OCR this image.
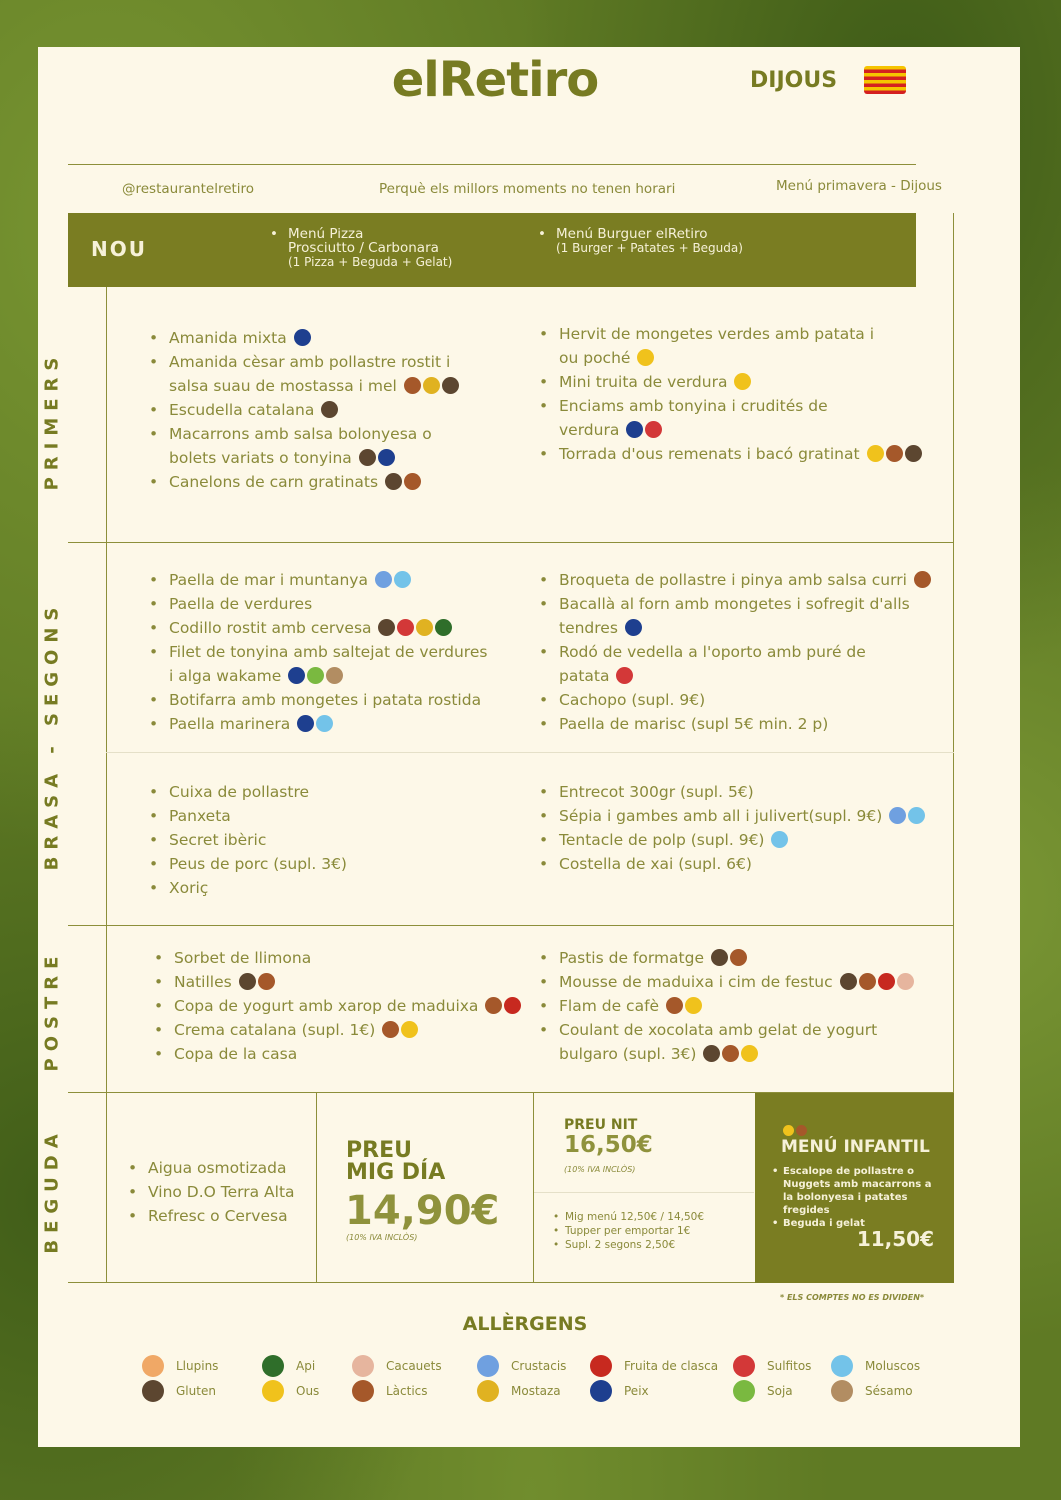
elRetiro	DIJOUS
@restaurantelretiro	Perquè els millors moments no tenen horari	Menú primavera - Dijous
NOU
• Menú Pizza
Prosciutto / Carbonara
(1 Pizza + Beguda + Gelat)
• Menú Burguer elRetiro
(1 Burger + Patates + Beguda)
PRIMERS
BRASA - SEGONS
POSTRE
BEGUDA
• Amanida mixta
• Amanida cèsar amb pollastre rostit i
salsa suau de mostassa i mel
• Escudella catalana
• Macarrons amb salsa bolonyesa o
bolets variats o tonyina
• Canelons de carn gratinats
• Hervit de mongetes verdes amb patata i
ou poché
• Mini truita de verdura
• Enciams amb tonyina i crudités de
verdura
• Torrada d'ous remenats i bacó gratinat
• Paella de mar i muntanya
• Paella de verdures
• Codillo rostit amb cervesa
• Filet de tonyina amb saltejat de verdures
i alga wakame
• Botifarra amb mongetes i patata rostida
• Paella marinera
• Broqueta de pollastre i pinya amb salsa curri
• Bacallà al forn amb mongetes i sofregit d'alls
tendres
• Rodó de vedella a l'oporto amb puré de
patata
• Cachopo (supl. 9€)
• Paella de marisc (supl 5€ min. 2 p)
• Cuixa de pollastre
• Panxeta
• Secret ibèric
• Peus de porc (supl. 3€)
• Xoriç
• Entrecot 300gr (supl. 5€)
• Sépia i gambes amb all i julivert(supl. 9€)
• Tentacle de polp (supl. 9€)
• Costella de xai (supl. 6€)
• Sorbet de llimona
• Natilles
• Copa de yogurt amb xarop de maduixa
• Crema catalana (supl. 1€)
• Copa de la casa
• Pastis de formatge
• Mousse de maduixa i cim de festuc
• Flam de cafè
• Coulant de xocolata amb gelat de yogurt
bulgaro (supl. 3€)
• Aigua osmotizada
• Vino D.O Terra Alta
• Refresc o Cervesa
PREU
MIG DÍA
14,90€
(10% IVA INCLÒS)
PREU NIT
16,50€
(10% IVA INCLÒS)
• Mig menú 12,50€ / 14,50€
• Tupper per emportar 1€
• Supl. 2 segons 2,50€
MENÚ INFANTIL
• Escalope de pollastre o Nuggets amb macarrons a la bolonyesa i patates fregides
• Beguda i gelat
11,50€
* ELS COMPTES NO ES DIVIDEN*
ALLÈRGENS
Llupins
Gluten
Api
Ous
Cacauets
Làctics
Crustacis
Mostaza
Fruita de clasca
Peix
Sulfitos
Soja
Moluscos
Sésamo
